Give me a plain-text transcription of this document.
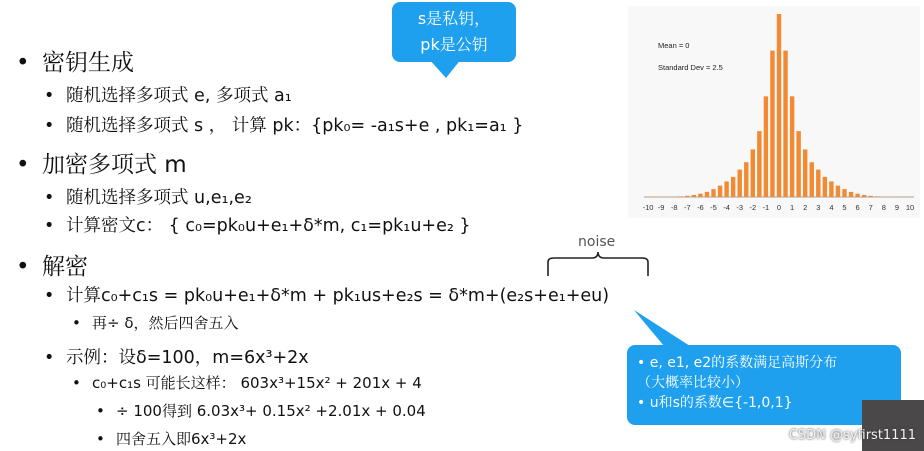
Mean = 0
Standard Dev = 2.5
-10 -9 -8 -7 -6 -5 -4 -3 -2 -1 0 1 2 3 4 5 6 7 8 9 10
• 密钥生成
• 随机选择多项式 e, 多项式 a₁
• 随机选择多项式 s ， 计算 pk：{pk₀= -a₁s+e , pk₁=a₁ }
• 加密多项式 m
• 随机选择多项式 u,e₁,e₂
• 计算密文c： { c₀=pk₀u+e₁+δ*m, c₁=pk₁u+e₂ }
• 解密
• 计算c₀+c₁s = pk₀u+e₁+δ*m + pk₁us+e₂s = δ*m+(e₂s+e₁+eu)
• 再÷ δ，然后四舍五入
• 示例：设δ=100，m=6x³+2x
• c₀+c₁s 可能长这样： 603x³+15x² + 201x + 4
• ÷ 100得到 6.03x³+ 0.15x² +2.01x + 0.04
• 四舍五入即6x³+2x
noise
s是私钥，
pk是公钥
• e, e1, e2的系数满足高斯分布
（大概率比较小）
• u和s的系数∈{-1,0,1}
CSDN @syfirst1111
